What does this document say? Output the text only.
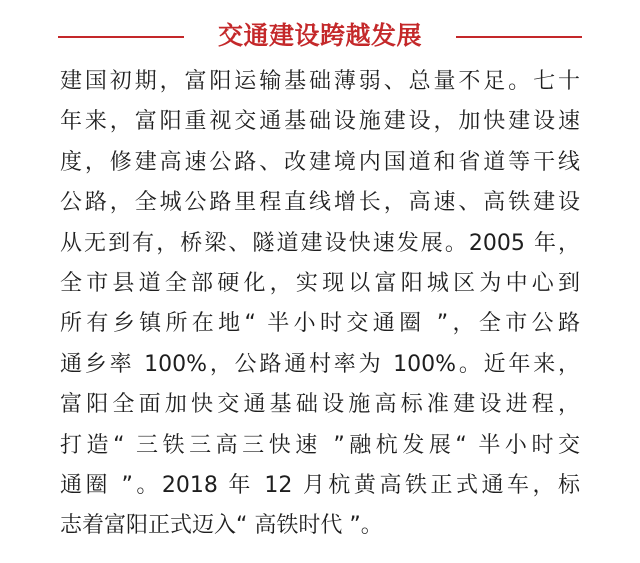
交通建设跨越发展
建国初期，富阳运输基础薄弱、总量不足。七十
年来，富阳重视交通基础设施建设，加快建设速
度，修建高速公路、改建境内国道和省道等干线
公路，全城公路里程直线增长，高速、高铁建设
从无到有，桥梁、隧道建设快速发展。2005 年，
全市县道全部硬化，实现以富阳城区为中心到
所有乡镇所在地“ 半小时交通圈 ”，全市公路
通乡率 100%，公路通村率为 100%。近年来，
富阳全面加快交通基础设施高标准建设进程，
打造“ 三铁三高三快速 ”融杭发展“ 半小时交
通圈 ”。2018 年 12 月杭黄高铁正式通车，标
志着富阳正式迈入“ 高铁时代 ”。
